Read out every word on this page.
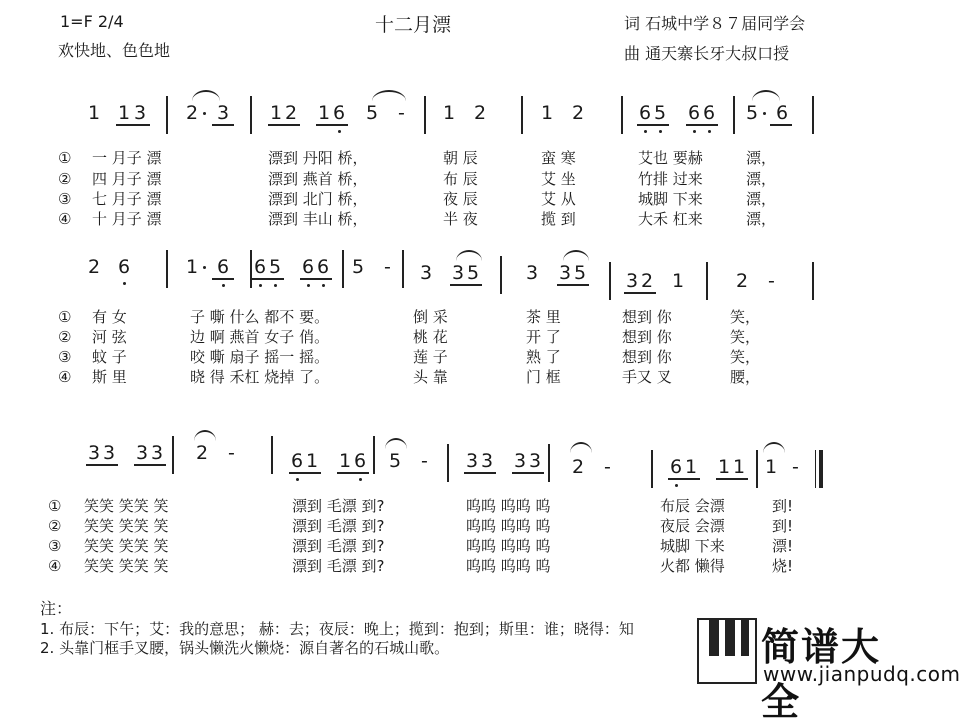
1=F 2/4
欢快地、色色地
十二月漂	词 石城中学８７届同学会
曲 通天寨长牙大叔口授
1 1 3 2 3 1 2 1 6 5 - 1 2	1 2	6 5 6 6 5 6
① 一 月子 漂	漂到 丹阳 桥，	朝 辰	蛮 寒	艾也 要赫	漂，
② 四 月子 漂	漂到 燕首 桥，	布 辰	艾 坐	竹排 过来	漂，
③ 七 月子 漂	漂到 北门 桥，	夜 辰	艾 从	城脚 下来	漂，
④ 十 月子 漂	漂到 丰山 桥，	半 夜	揽 到	大禾 杠来	漂，
2 6	1 6 6 5 6 6 5 - 3 3 5 3 3 5 3 2 1	2 -
① 有 女	子 嘶 什么 都不 要。	倒 采	茶 里	想到 你	笑，
② 河 弦	边 啊 燕首 女子 俏。	桃 花	开 了	想到 你	笑，
③ 蚊 子	咬 嘶 扇子 摇一 摇。	莲 子	熟 了	想到 你	笑，
④ 斯 里	晓 得 禾杠 烧掉 了。	头 靠	门 框	手又 叉	腰，
3 3 3 3 2 -	6 1 1 6 5 - 3 3 3 3 2 -	6 1 1 1 1 -
① 笑笑 笑笑 笑	漂到 毛漂 到?	呜呜 呜呜 呜	布辰 会漂	到!
② 笑笑 笑笑 笑	漂到 毛漂 到?	呜呜 呜呜 呜	夜辰 会漂	到!
③ 笑笑 笑笑 笑	漂到 毛漂 到?	呜呜 呜呜 呜	城脚 下来	漂!
④ 笑笑 笑笑 笑	漂到 毛漂 到?	呜呜 呜呜 呜	火都 懒得	烧!
注：
1. 布辰：下午；艾：我的意思； 赫：去；夜辰：晚上；揽到：抱到；斯里：谁；晓得：知
2. 头靠门框手叉腰，锅头懒洗火懒烧：源自著名的石城山歌。	简谱大全
www.jianpudq.com
